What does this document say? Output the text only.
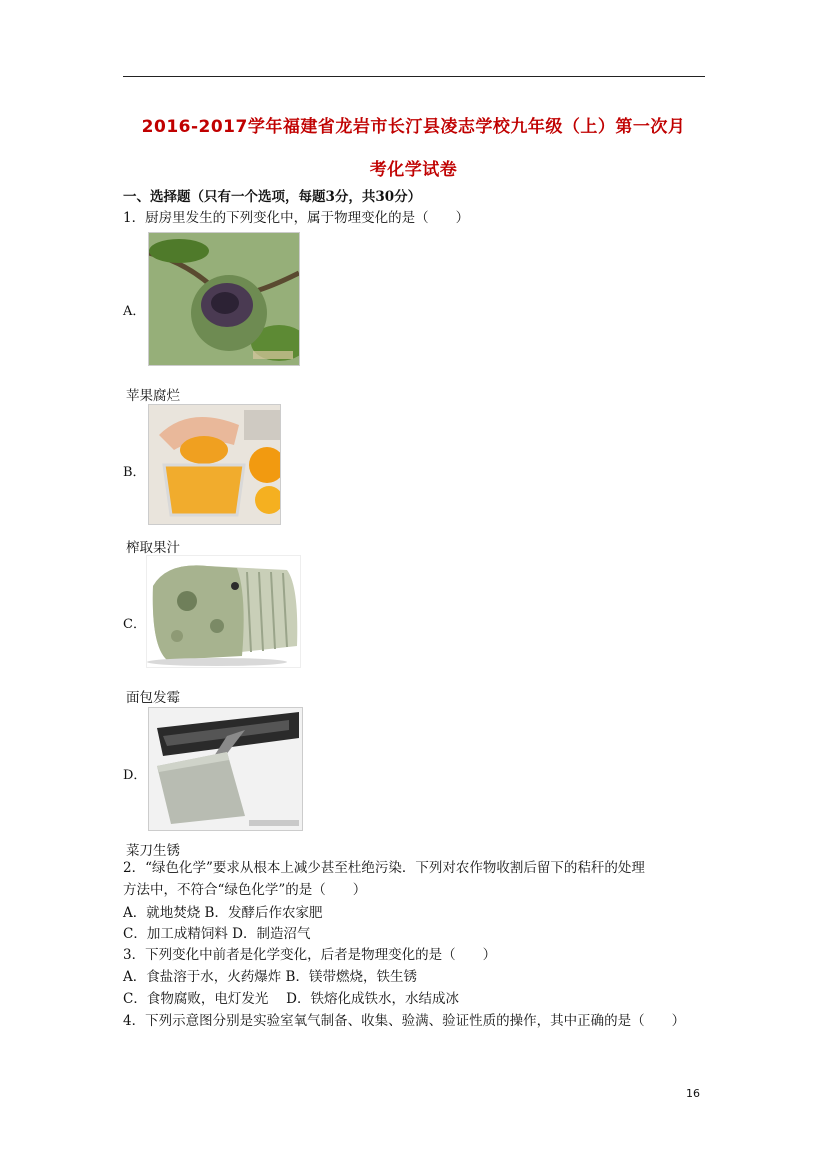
2016-2017学年福建省龙岩市长汀县凌志学校九年级（上）第一次月
考化学试卷
一、选择题（只有一个选项，每题3分，共30分）
1．厨房里发生的下列变化中，属于物理变化的是（　　）
A．
苹果腐烂
B．
榨取果汁
C．
面包发霉
D．
菜刀生锈
2．“绿色化学”要求从根本上减少甚至杜绝污染．下列对农作物收割后留下的秸秆的处理
方法中，不符合“绿色化学”的是（　　）
A．就地焚烧 B．发酵后作农家肥
C．加工成精饲料 D．制造沼气
3．下列变化中前者是化学变化，后者是物理变化的是（　　）
A．食盐溶于水，火药爆炸 B．镁带燃烧，铁生锈
C．食物腐败，电灯发光　 D．铁熔化成铁水，水结成冰
4．下列示意图分别是实验室氧气制备、收集、验满、验证性质的操作，其中正确的是（　　）
16
